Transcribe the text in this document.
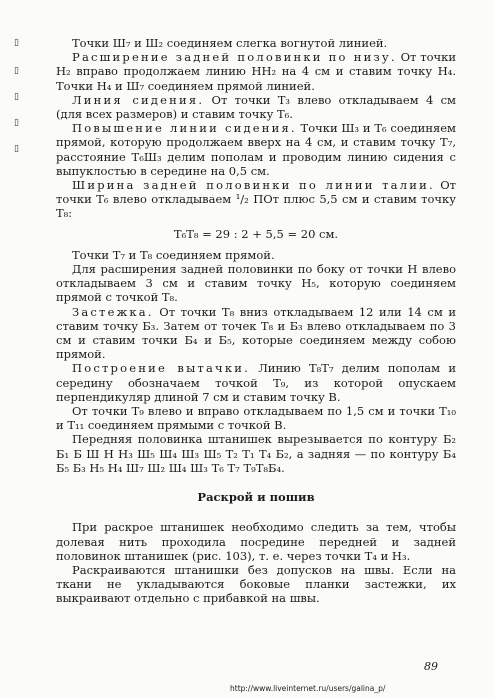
▯
▯
▯
▯
▯

Точки Ш₇ и Ш₂ соединяем слегка вогнутой линией.

Расширение задней половинки по низу. От точки Н₂ вправо продолжаем линию НН₂ на 4 см и ставим точку Н₄. Точки Н₄ и Ш₇ соединяем прямой линией.

Линия сидения. От точки Т₃ влево откладываем 4 см (для всех размеров) и ставим точку Т₆.

Повышение линии сидения. Точки Ш₃ и Т₆ соединяем прямой, которую продолжаем вверх на 4 см, и ставим точку Т₇, расстояние Т₆Ш₃ делим пополам и проводим линию сидения с выпуклостью в середине на 0,5 см.

Ширина задней половинки по линии талии. От точки Т₆ влево откладываем ¹/₂ ПОт плюс 5,5 см и ставим точку Т₈:

Т₆Т₈ = 29 : 2 + 5,5 = 20 см.

Точки Т₇ и Т₈ соединяем прямой.

Для расширения задней половинки по боку от точки Н влево откладываем 3 см и ставим точку Н₅, которую соединяем прямой с точкой Т₈.

Застежка. От точки Т₈ вниз откладываем 12 или 14 см и ставим точку Б₃. Затем от точек Т₈ и Б₃ влево откладываем по 3 см и ставим точки Б₄ и Б₅, которые соединяем между собою прямой.

Построение вытачки. Линию Т₈Т₇ делим пополам и середину обозначаем точкой Т₉, из которой опускаем перпендикуляр длиной 7 см и ставим точку В.

От точки Т₉ влево и вправо откладываем по 1,5 см и точки Т₁₀ и Т₁₁ соединяем прямыми с точкой В.

Передняя половинка штанишек вырезывается по контуру Б₂ Б₁ Б Ш Н Н₃ Ш₅ Ш₄ Ш₃ Ш₅ Т₂ Т₁ Т₄ Б₂, а задняя — по контуру Б₄ Б₅ Б₃ Н₅ Н₄ Ш₇ Ш₂ Ш₄ Ш₃ Т₆ Т₇ Т₉Т₈Б₄.

Раскрой и пошив

При раскрое штанишек необходимо следить за тем, чтобы долевая нить проходила посредине передней и задней половинок штанишек (рис. 103), т. е. через точки Т₄ и Н₃.

Раскраиваются штанишки без допусков на швы. Если на ткани не укладываются боковые планки застежки, их выкраивают отдельно с прибавкой на швы.

89
http://www.liveinternet.ru/users/galina_p/
